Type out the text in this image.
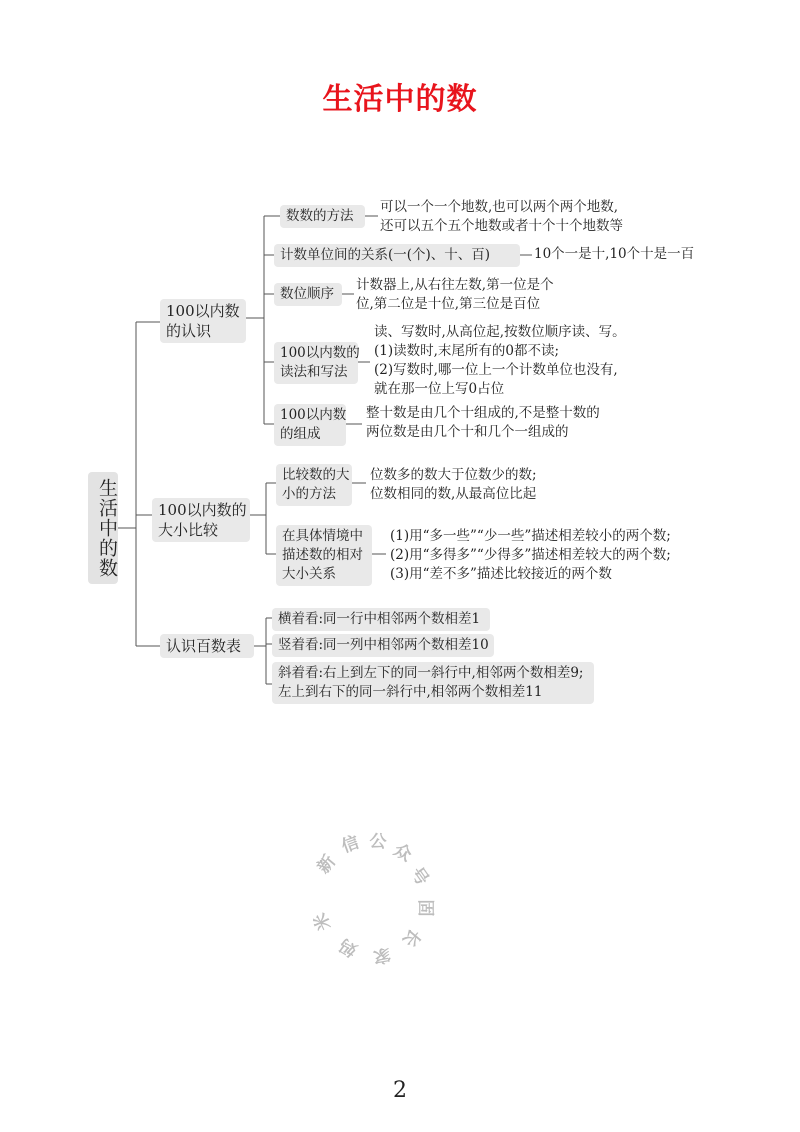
生活中的数
生活中的数
100以内数
的认识
100以内数的
大小比较
认识百数表
数数的方法
可以一个一个地数,也可以两个两个地数,
还可以五个五个地数或者十个十个地数等
计数单位间的关系(一(个)、十、百)	10个一是十,10个十是一百
数位顺序
计数器上,从右往左数,第一位是个
位,第二位是十位,第三位是百位
100以内数的
读法和写法
读、写数时,从高位起,按数位顺序读、写。
(1)读数时,末尾所有的0都不读;
(2)写数时,哪一位上一个计数单位也没有,
就在那一位上写0占位
100以内数
的组成
整十数是由几个十组成的,不是整十数的
两位数是由几个十和几个一组成的
比较数的大
小的方法
位数多的数大于位数少的数;
位数相同的数,从最高位比起
在具体情境中
描述数的相对
大小关系
(1)用“多一些”“少一些”描述相差较小的两个数;
(2)用“多得多”“少得多”描述相差较大的两个数;
(3)用“差不多”描述比较接近的两个数
横着看:同一行中相邻两个数相差1
竖着看:同一列中相邻两个数相差10
斜着看:右上到左下的同一斜行中,相邻两个数相差9;
左上到右下的同一斜行中,相邻两个数相差11
新
信 公 众
号
固
长
家
妈
米
2
